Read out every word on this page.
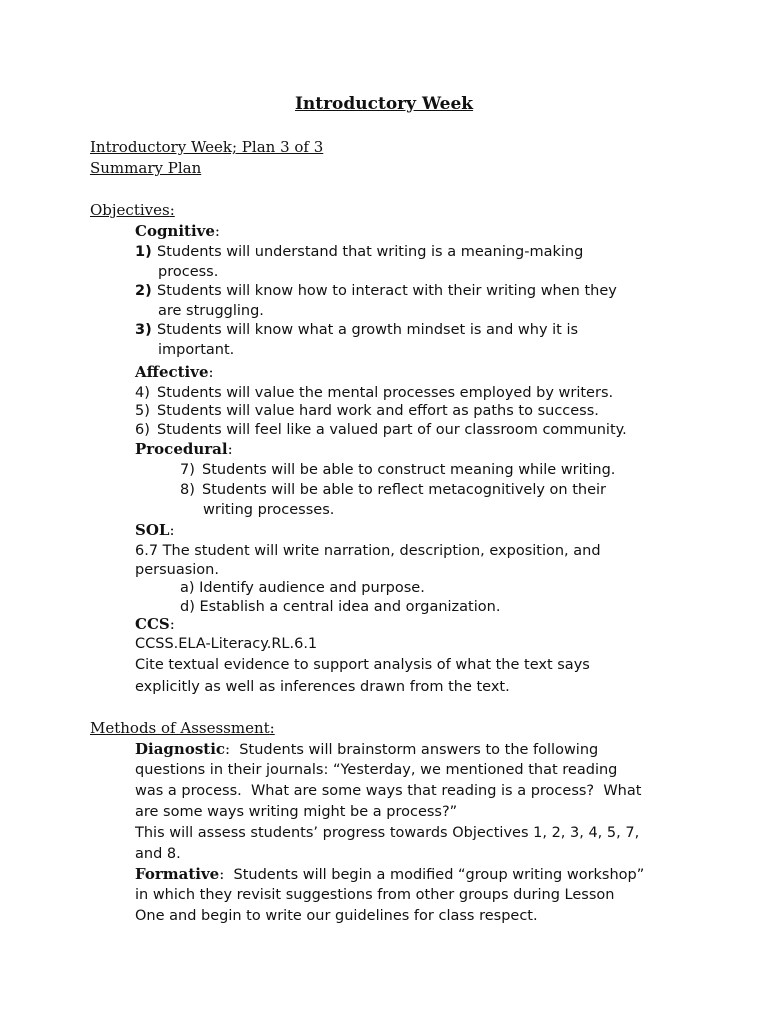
Introductory Week
Introductory Week; Plan 3 of 3
Summary Plan
Objectives:
Cognitive:
1) Students will understand that writing is a meaning-making
process.
2) Students will know how to interact with their writing when they
are struggling.
3) Students will know what a growth mindset is and why it is
important.
Affective:
4) Students will value the mental processes employed by writers.
5) Students will value hard work and effort as paths to success.
6) Students will feel like a valued part of our classroom community.
Procedural:
7) Students will be able to construct meaning while writing.
8) Students will be able to reflect metacognitively on their
writing processes.
SOL:
6.7 The student will write narration, description, exposition, and
persuasion.
a) Identify audience and purpose.
d) Establish a central idea and organization.
CCS:
CCSS.ELA-Literacy.RL.6.1
Cite textual evidence to support analysis of what the text says
explicitly as well as inferences drawn from the text.
Methods of Assessment:
Diagnostic:  Students will brainstorm answers to the following
questions in their journals: “Yesterday, we mentioned that reading
was a process.  What are some ways that reading is a process?  What
are some ways writing might be a process?”
This will assess students’ progress towards Objectives 1, 2, 3, 4, 5, 7,
and 8.
Formative:  Students will begin a modified “group writing workshop”
in which they revisit suggestions from other groups during Lesson
One and begin to write our guidelines for class respect.
